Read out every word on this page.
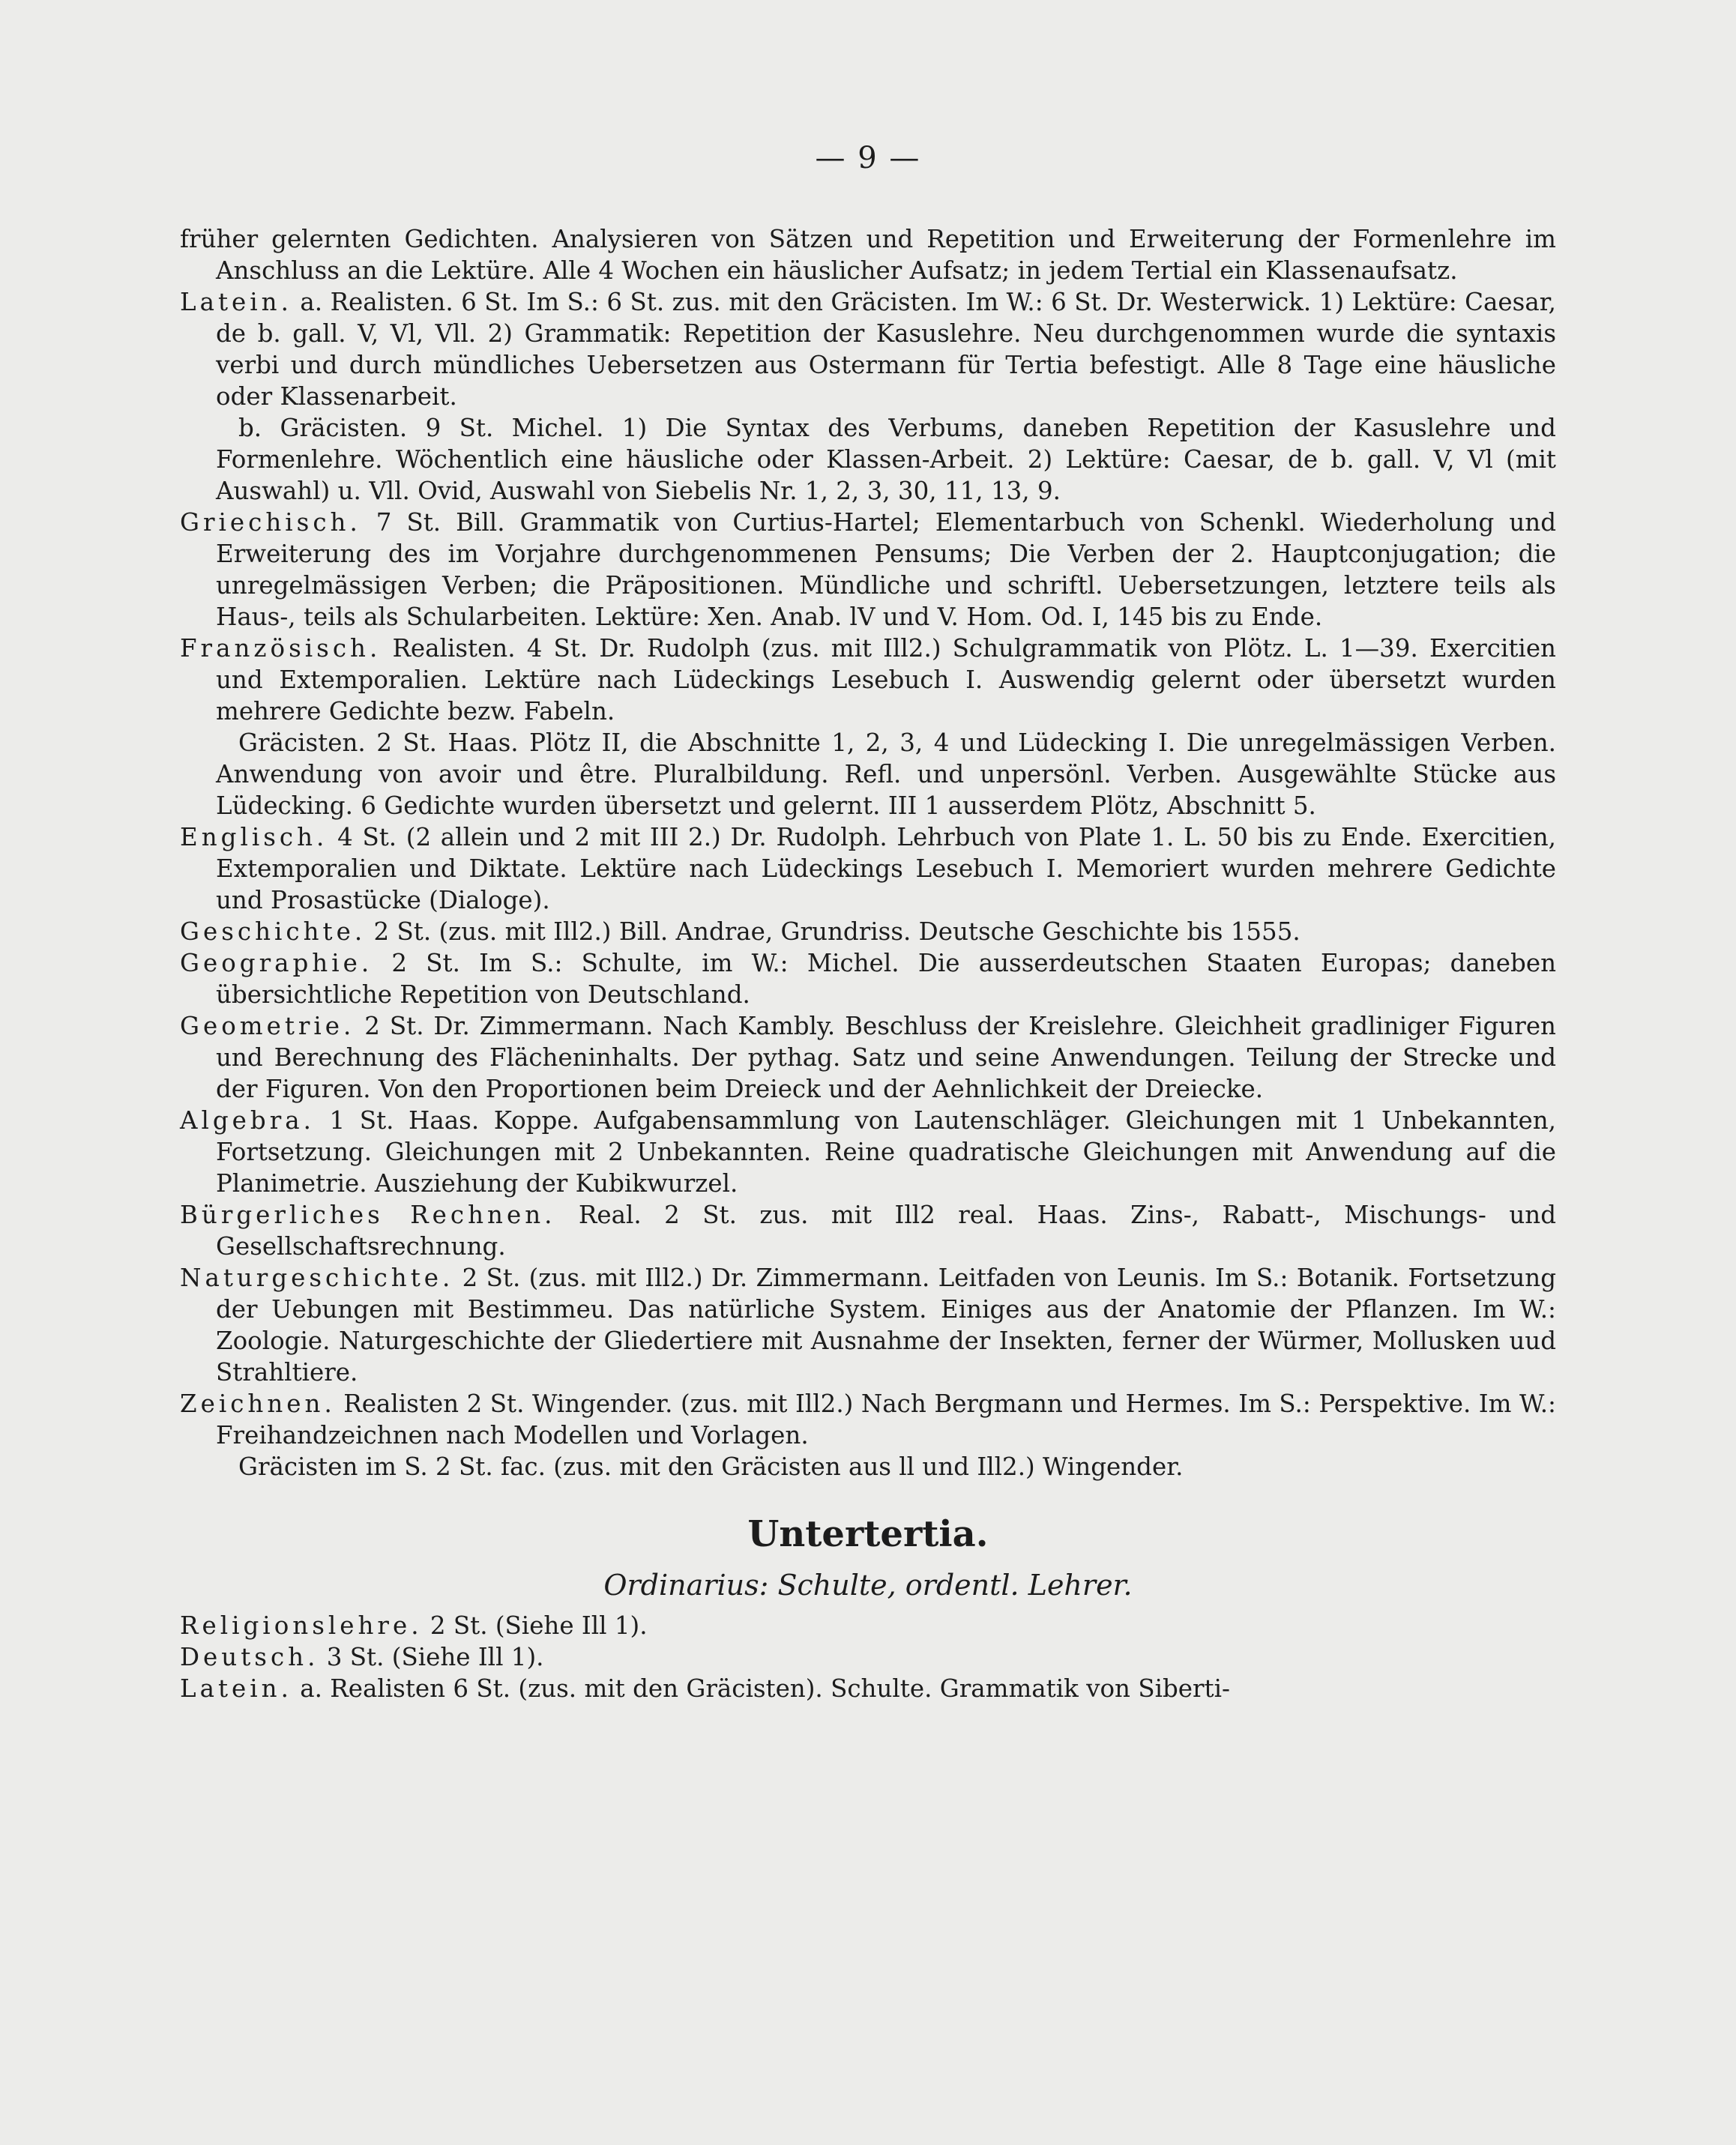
— 9 —

früher gelernten Gedichten. Analysieren von Sätzen und Repetition und Erweiterung der Formenlehre im Anschluss an die Lektüre. Alle 4 Wochen ein häuslicher Aufsatz; in jedem Tertial ein Klassenaufsatz.

Latein. a. Realisten. 6 St. Im S.: 6 St. zus. mit den Gräcisten. Im W.: 6 St. Dr. Westerwick. 1) Lektüre: Caesar, de b. gall. V, Vl, Vll. 2) Grammatik: Repetition der Kasuslehre. Neu durchgenommen wurde die syntaxis verbi und durch mündliches Uebersetzen aus Ostermann für Tertia befestigt. Alle 8 Tage eine häusliche oder Klassenarbeit.

b. Gräcisten. 9 St. Michel. 1) Die Syntax des Verbums, daneben Repetition der Kasuslehre und Formenlehre. Wöchentlich eine häusliche oder Klassen-Arbeit. 2) Lektüre: Caesar, de b. gall. V, Vl (mit Auswahl) u. Vll. Ovid, Auswahl von Siebelis Nr. 1, 2, 3, 30, 11, 13, 9.

Griechisch. 7 St. Bill. Grammatik von Curtius-Hartel; Elementarbuch von Schenkl. Wiederholung und Erweiterung des im Vorjahre durchgenommenen Pensums; Die Verben der 2. Hauptconjugation; die unregelmässigen Verben; die Präpositionen. Mündliche und schriftl. Uebersetzungen, letztere teils als Haus-, teils als Schularbeiten. Lektüre: Xen. Anab. lV und V. Hom. Od. I, 145 bis zu Ende.

Französisch. Realisten. 4 St. Dr. Rudolph (zus. mit Ill2.) Schulgrammatik von Plötz. L. 1—39. Exercitien und Extemporalien. Lektüre nach Lüdeckings Lesebuch I. Auswendig gelernt oder übersetzt wurden mehrere Gedichte bezw. Fabeln.

Gräcisten. 2 St. Haas. Plötz II, die Abschnitte 1, 2, 3, 4 und Lüdecking I. Die unregelmässigen Verben. Anwendung von avoir und être. Pluralbildung. Refl. und unpersönl. Verben. Ausgewählte Stücke aus Lüdecking. 6 Gedichte wurden übersetzt und gelernt. III 1 ausserdem Plötz, Abschnitt 5.

Englisch. 4 St. (2 allein und 2 mit III 2.) Dr. Rudolph. Lehrbuch von Plate 1. L. 50 bis zu Ende. Exercitien, Extemporalien und Diktate. Lektüre nach Lüdeckings Lesebuch I. Memoriert wurden mehrere Gedichte und Prosastücke (Dialoge).

Geschichte. 2 St. (zus. mit Ill2.) Bill. Andrae, Grundriss. Deutsche Geschichte bis 1555.

Geographie. 2 St. Im S.: Schulte, im W.: Michel. Die ausserdeutschen Staaten Europas; daneben übersichtliche Repetition von Deutschland.

Geometrie. 2 St. Dr. Zimmermann. Nach Kambly. Beschluss der Kreislehre. Gleichheit gradliniger Figuren und Berechnung des Flächeninhalts. Der pythag. Satz und seine Anwendungen. Teilung der Strecke und der Figuren. Von den Proportionen beim Dreieck und der Aehnlichkeit der Dreiecke.

Algebra. 1 St. Haas. Koppe. Aufgabensammlung von Lautenschläger. Gleichungen mit 1 Unbekannten, Fortsetzung. Gleichungen mit 2 Unbekannten. Reine quadratische Gleichungen mit Anwendung auf die Planimetrie. Ausziehung der Kubikwurzel.

Bürgerliches Rechnen. Real. 2 St. zus. mit Ill2 real. Haas. Zins-, Rabatt-, Mischungs- und Gesellschaftsrechnung.

Naturgeschichte. 2 St. (zus. mit Ill2.) Dr. Zimmermann. Leitfaden von Leunis. Im S.: Botanik. Fortsetzung der Uebungen mit Bestimmeu. Das natürliche System. Einiges aus der Anatomie der Pflanzen. Im W.: Zoologie. Naturgeschichte der Gliedertiere mit Ausnahme der Insekten, ferner der Würmer, Mollusken uud Strahltiere.

Zeichnen. Realisten 2 St. Wingender. (zus. mit Ill2.) Nach Bergmann und Hermes. Im S.: Perspektive. Im W.: Freihandzeichnen nach Modellen und Vorlagen.

Gräcisten im S. 2 St. fac. (zus. mit den Gräcisten aus ll und Ill2.) Wingender.

Untertertia.
Ordinarius: Schulte, ordentl. Lehrer.

Religionslehre. 2 St. (Siehe Ill 1).

Deutsch. 3 St. (Siehe Ill 1).

Latein. a. Realisten 6 St. (zus. mit den Gräcisten). Schulte. Grammatik von Siberti-
